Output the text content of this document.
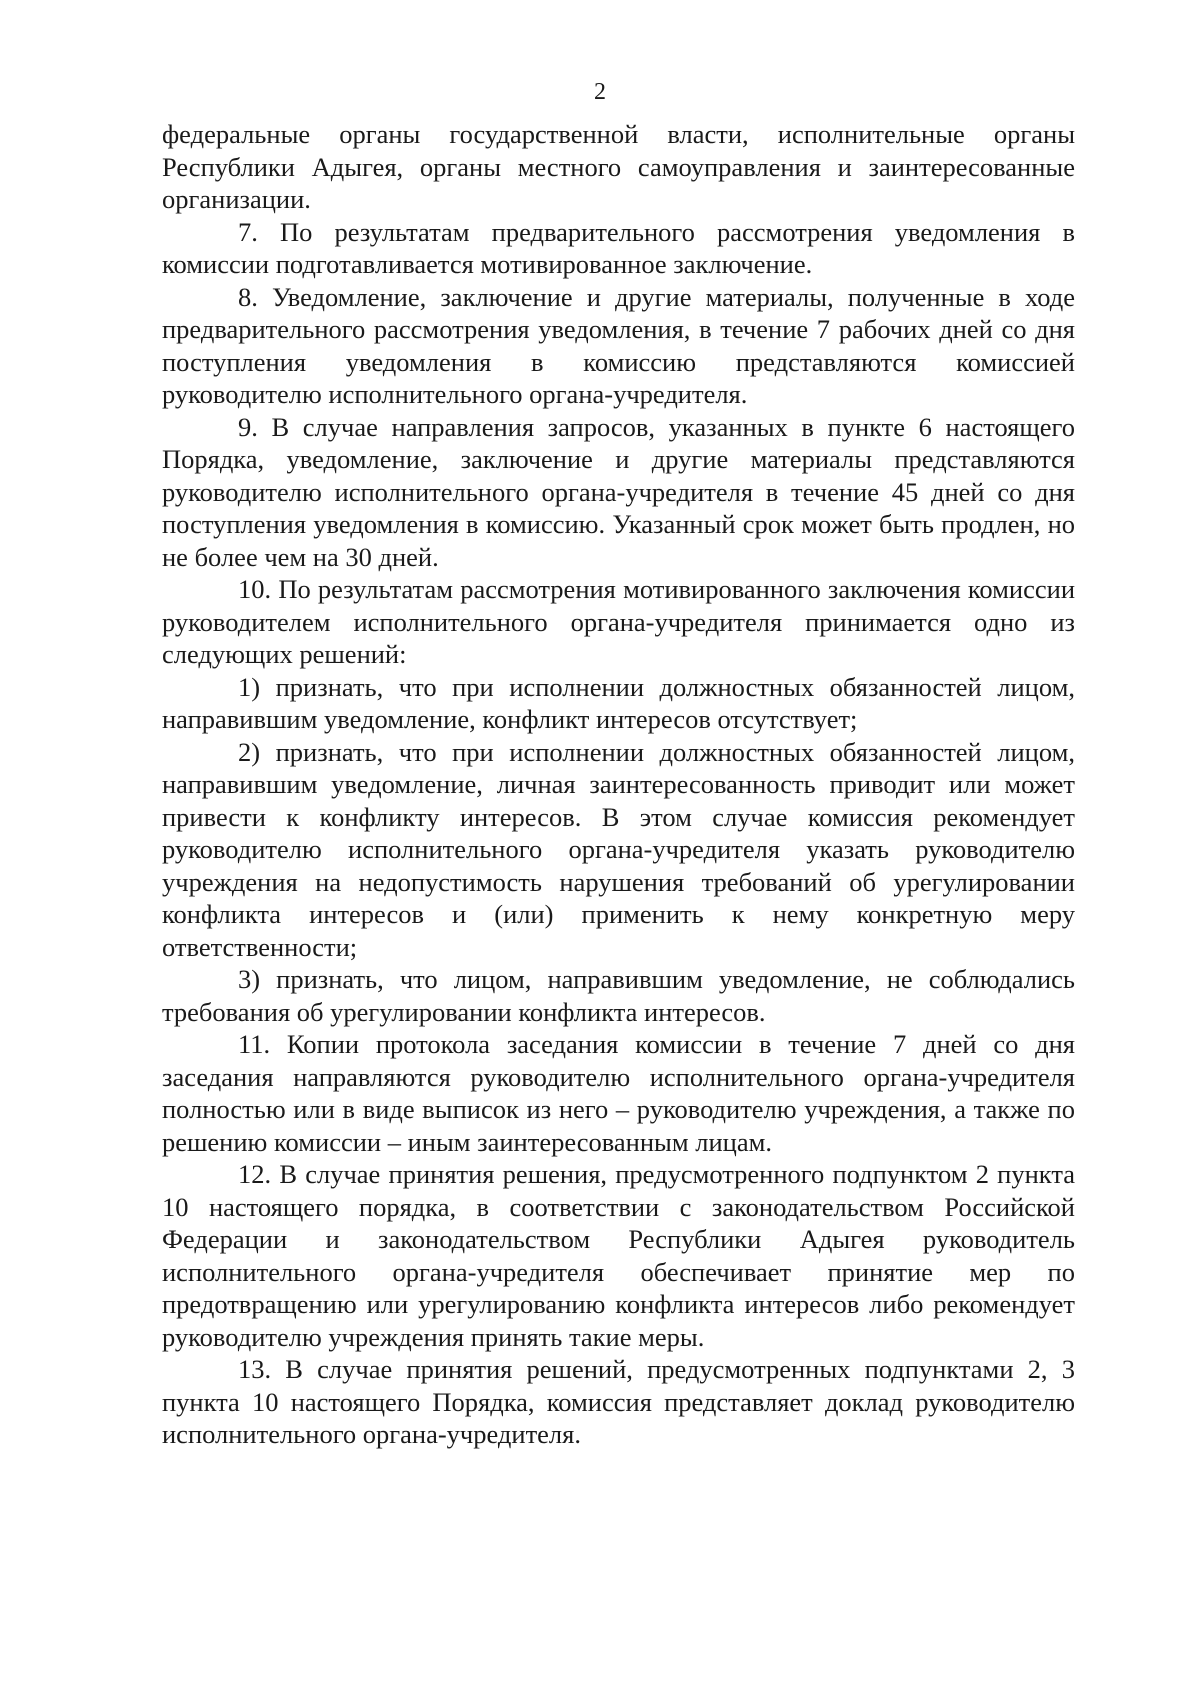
2

федеральные органы государственной власти, исполнительные органы Республики Адыгея, органы местного самоуправления и заинтересованные организации.

7. По результатам предварительного рассмотрения уведомления в комиссии подготавливается мотивированное заключение.

8. Уведомление, заключение и другие материалы, полученные в ходе предварительного рассмотрения уведомления, в течение 7 рабочих дней со дня поступления уведомления в комиссию представляются комиссией руководителю исполнительного органа-учредителя.

9. В случае направления запросов, указанных в пункте 6 настоящего Порядка, уведомление, заключение и другие материалы представляются руководителю исполнительного органа-учредителя в течение 45 дней со дня поступления уведомления в комиссию. Указанный срок может быть продлен, но не более чем на 30 дней.

10. По результатам рассмотрения мотивированного заключения комиссии руководителем исполнительного органа-учредителя принимается одно из следующих решений:

1) признать, что при исполнении должностных обязанностей лицом, направившим уведомление, конфликт интересов отсутствует;

2) признать, что при исполнении должностных обязанностей лицом, направившим уведомление, личная заинтересованность приводит или может привести к конфликту интересов. В этом случае комиссия рекомендует руководителю исполнительного органа-учредителя указать руководителю учреждения на недопустимость нарушения требований об урегулировании конфликта интересов и (или) применить к нему конкретную меру ответственности;

3) признать, что лицом, направившим уведомление, не соблюдались требования об урегулировании конфликта интересов.

11. Копии протокола заседания комиссии в течение 7 дней со дня заседания направляются руководителю исполнительного органа-учредителя полностью или в виде выписок из него – руководителю учреждения, а также по решению комиссии – иным заинтересованным лицам.

12. В случае принятия решения, предусмотренного подпунктом 2 пункта 10 настоящего порядка, в соответствии с законодательством Российской Федерации и законодательством Республики Адыгея руководитель исполнительного органа-учредителя обеспечивает принятие мер по предотвращению или урегулированию конфликта интересов либо рекомендует руководителю учреждения принять такие меры.

13. В случае принятия решений, предусмотренных подпунктами 2, 3 пункта 10 настоящего Порядка, комиссия представляет доклад руководителю исполнительного органа-учредителя.
